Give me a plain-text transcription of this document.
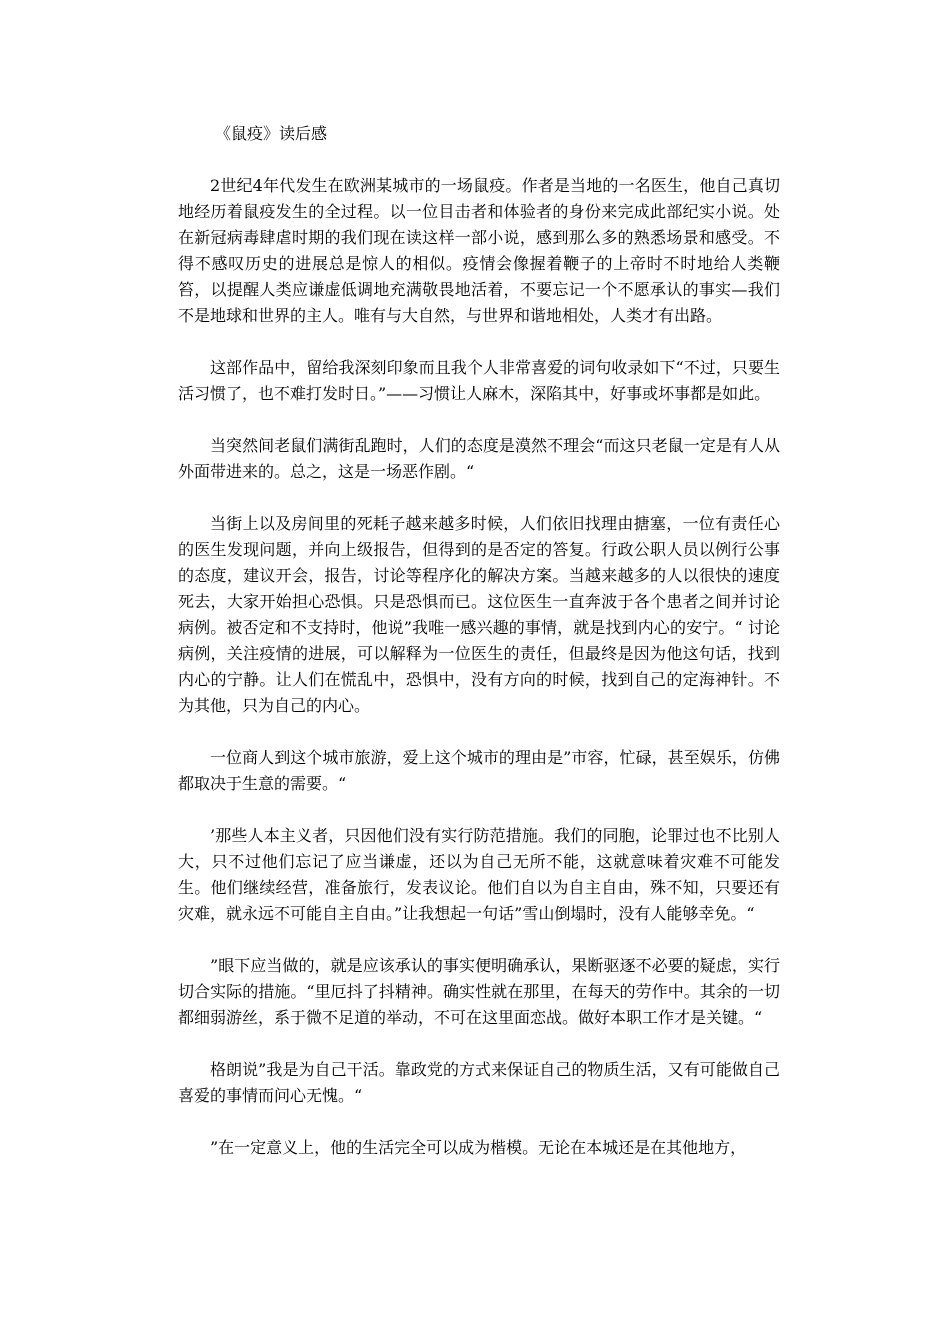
《鼠疫》读后感

2世纪4年代发生在欧洲某城市的一场鼠疫。作者是当地的一名医生，他自己真切地经历着鼠疫发生的全过程。以一位目击者和体验者的身份来完成此部纪实小说。处在新冠病毒肆虐时期的我们现在读这样一部小说，感到那么多的熟悉场景和感受。不得不感叹历史的进展总是惊人的相似。疫情会像握着鞭子的上帝时不时地给人类鞭笞，以提醒人类应谦虚低调地充满敬畏地活着，不要忘记一个不愿承认的事实—我们不是地球和世界的主人。唯有与大自然，与世界和谐地相处，人类才有出路。

这部作品中，留给我深刻印象而且我个人非常喜爱的词句收录如下“不过，只要生活习惯了，也不难打发时日。”——习惯让人麻木，深陷其中，好事或坏事都是如此。

当突然间老鼠们满街乱跑时，人们的态度是漠然不理会“而这只老鼠一定是有人从外面带进来的。总之，这是一场恶作剧。“

当街上以及房间里的死耗子越来越多时候，人们依旧找理由搪塞，一位有责任心的医生发现问题，并向上级报告，但得到的是否定的答复。行政公职人员以例行公事的态度，建议开会，报告，讨论等程序化的解决方案。当越来越多的人以很快的速度死去，大家开始担心恐惧。只是恐惧而已。这位医生一直奔波于各个患者之间并讨论病例。被否定和不支持时，他说”我唯一感兴趣的事情，就是找到内心的安宁。“ 讨论病例，关注疫情的进展，可以解释为一位医生的责任，但最终是因为他这句话，找到内心的宁静。让人们在慌乱中，恐惧中，没有方向的时候，找到自己的定海神针。不为其他，只为自己的内心。

一位商人到这个城市旅游，爱上这个城市的理由是”市容，忙碌，甚至娱乐，仿佛都取决于生意的需要。“

’那些人本主义者，只因他们没有实行防范措施。我们的同胞，论罪过也不比别人大，只不过他们忘记了应当谦虚，还以为自己无所不能，这就意味着灾难不可能发生。他们继续经营，准备旅行，发表议论。他们自以为自主自由，殊不知，只要还有灾难，就永远不可能自主自由。”让我想起一句话”雪山倒塌时，没有人能够幸免。“

”眼下应当做的，就是应该承认的事实便明确承认，果断驱逐不必要的疑虑，实行切合实际的措施。“里厄抖了抖精神。确实性就在那里，在每天的劳作中。其余的一切都细弱游丝，系于微不足道的举动，不可在这里面恋战。做好本职工作才是关键。“

格朗说”我是为自己干活。靠政党的方式来保证自己的物质生活，又有可能做自己喜爱的事情而问心无愧。“

”在一定意义上，他的生活完全可以成为楷模。无论在本城还是在其他地方，
